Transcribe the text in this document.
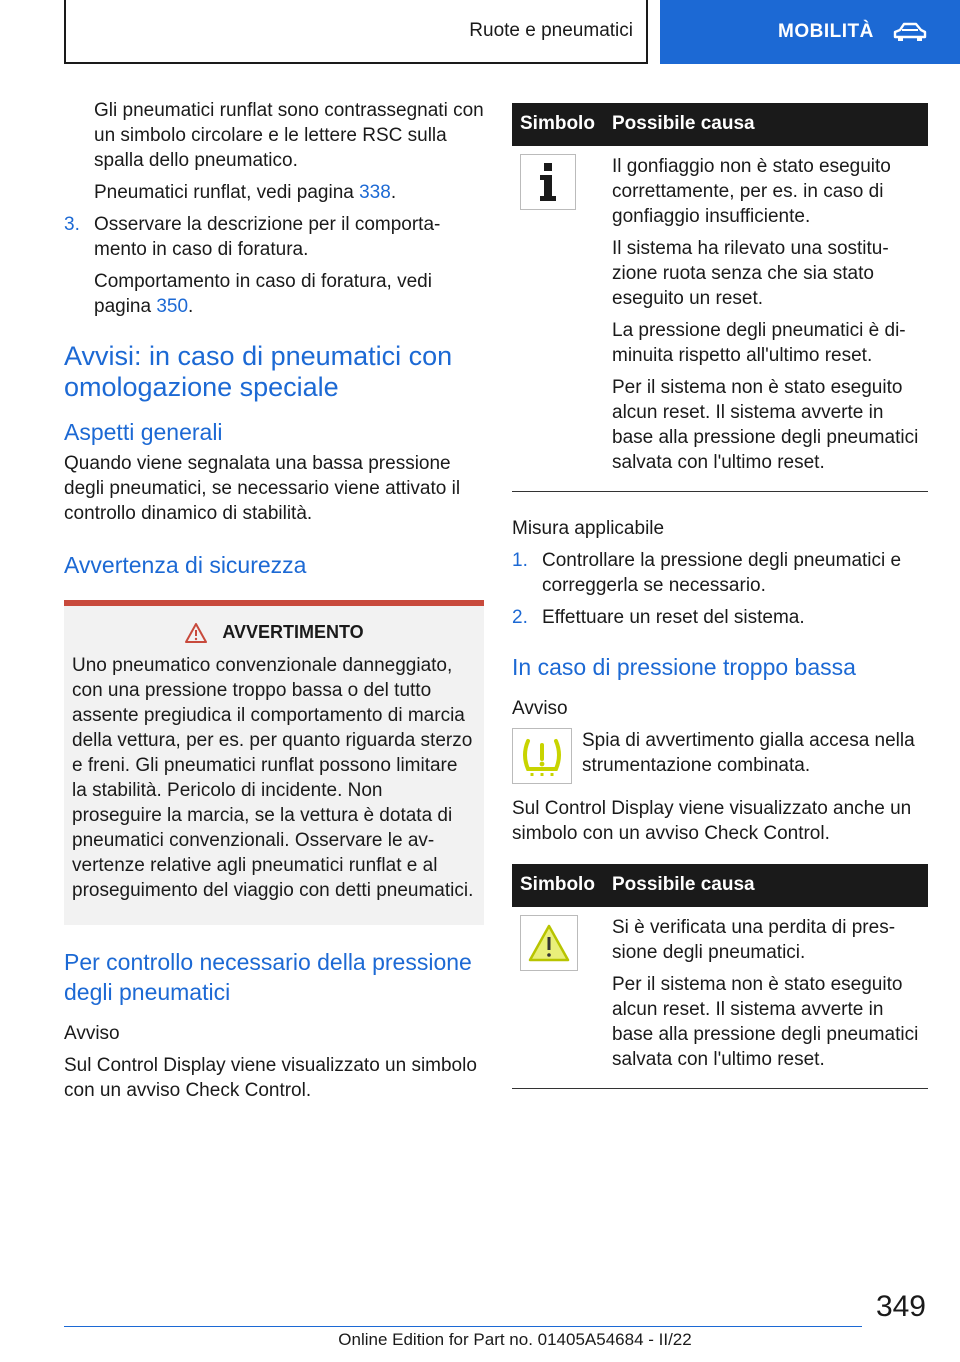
Ruote e pneumatici	MOBILITÀ

Gli pneumatici runflat sono contrassegnati con un simbolo circolare e le lettere RSC sulla spalla dello pneumatico.

Pneumatici runflat, vedi pagina 338.

3. Osservare la descrizione per il comportamento in caso di foratura.

Comportamento in caso di foratura, vedi pagina 350.

Avvisi: in caso di pneumatici con omologazione speciale
Aspetti generali

Quando viene segnalata una bassa pressione degli pneumatici, se necessario viene attivato il controllo dinamico di stabilità.

Avvertenza di sicurezza
AVVERTIMENTO

Uno pneumatico convenzionale danneggiato, con una pressione troppo bassa o del tutto assente pregiudica il comportamento di marcia della vettura, per es. per quanto riguarda sterzo e freni. Gli pneumatici runflat possono limitare la stabilità. Pericolo di incidente. Non proseguire la marcia, se la vettura è dotata di pneumatici convenzionali. Osservare le avvertenze relative agli pneumatici runflat e al proseguimento del viaggio con detti pneumatici.

Per controllo necessario della pressione degli pneumatici

Avviso

Sul Control Display viene visualizzato un simbolo con un avviso Check Control.

Simbolo	Possibile causa

Il gonfiaggio non è stato eseguito correttamente, per es. in caso di gonfiaggio insufficiente.

Il sistema ha rilevato una sostituzione ruota senza che sia stato eseguito un reset.

La pressione degli pneumatici è diminuita rispetto all'ultimo reset.

Per il sistema non è stato eseguito alcun reset. Il sistema avverte in base alla pressione degli pneumatici salvata con l'ultimo reset.

Misura applicabile

1. Controllare la pressione degli pneumatici e correggerla se necessario.
2. Effettuare un reset del sistema.
In caso di pressione troppo bassa

Avviso

Spia di avvertimento gialla accesa nella strumentazione combinata.

Sul Control Display viene visualizzato anche un simbolo con un avviso Check Control.

Simbolo	Possibile causa

Si è verificata una perdita di pressione degli pneumatici.

Per il sistema non è stato eseguito alcun reset. Il sistema avverte in base alla pressione degli pneumatici salvata con l'ultimo reset.

349
Online Edition for Part no. 01405A54684 - II/22
